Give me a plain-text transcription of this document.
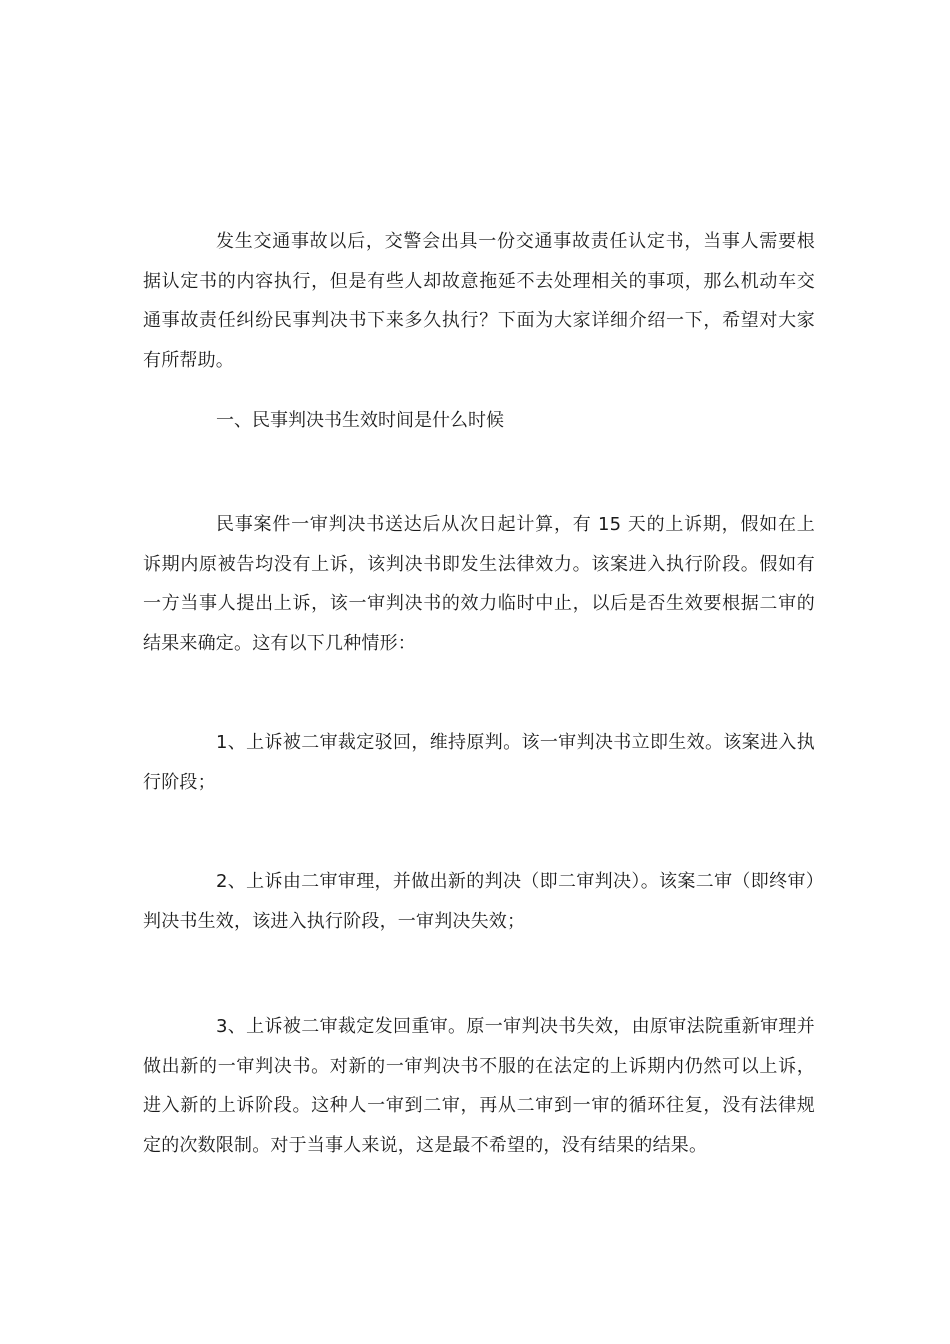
发生交通事故以后，交警会出具一份交通事故责任认定书，当事人需要根据认定书的内容执行，但是有些人却故意拖延不去处理相关的事项，那么机动车交通事故责任纠纷民事判决书下来多久执行？下面为大家详细介绍一下，希望对大家有所帮助。

一、民事判决书生效时间是什么时候

民事案件一审判决书送达后从次日起计算，有 15 天的上诉期，假如在上诉期内原被告均没有上诉，该判决书即发生法律效力。该案进入执行阶段。假如有一方当事人提出上诉，该一审判决书的效力临时中止，以后是否生效要根据二审的结果来确定。这有以下几种情形：

1、上诉被二审裁定驳回，维持原判。该一审判决书立即生效。该案进入执行阶段；

2、上诉由二审审理，并做出新的判决（即二审判决）。该案二审（即终审）判决书生效，该进入执行阶段，一审判决失效；

3、上诉被二审裁定发回重审。原一审判决书失效，由原审法院重新审理并做出新的一审判决书。对新的一审判决书不服的在法定的上诉期内仍然可以上诉，进入新的上诉阶段。这种人一审到二审，再从二审到一审的循环往复，没有法律规定的次数限制。对于当事人来说，这是最不希望的，没有结果的结果。
